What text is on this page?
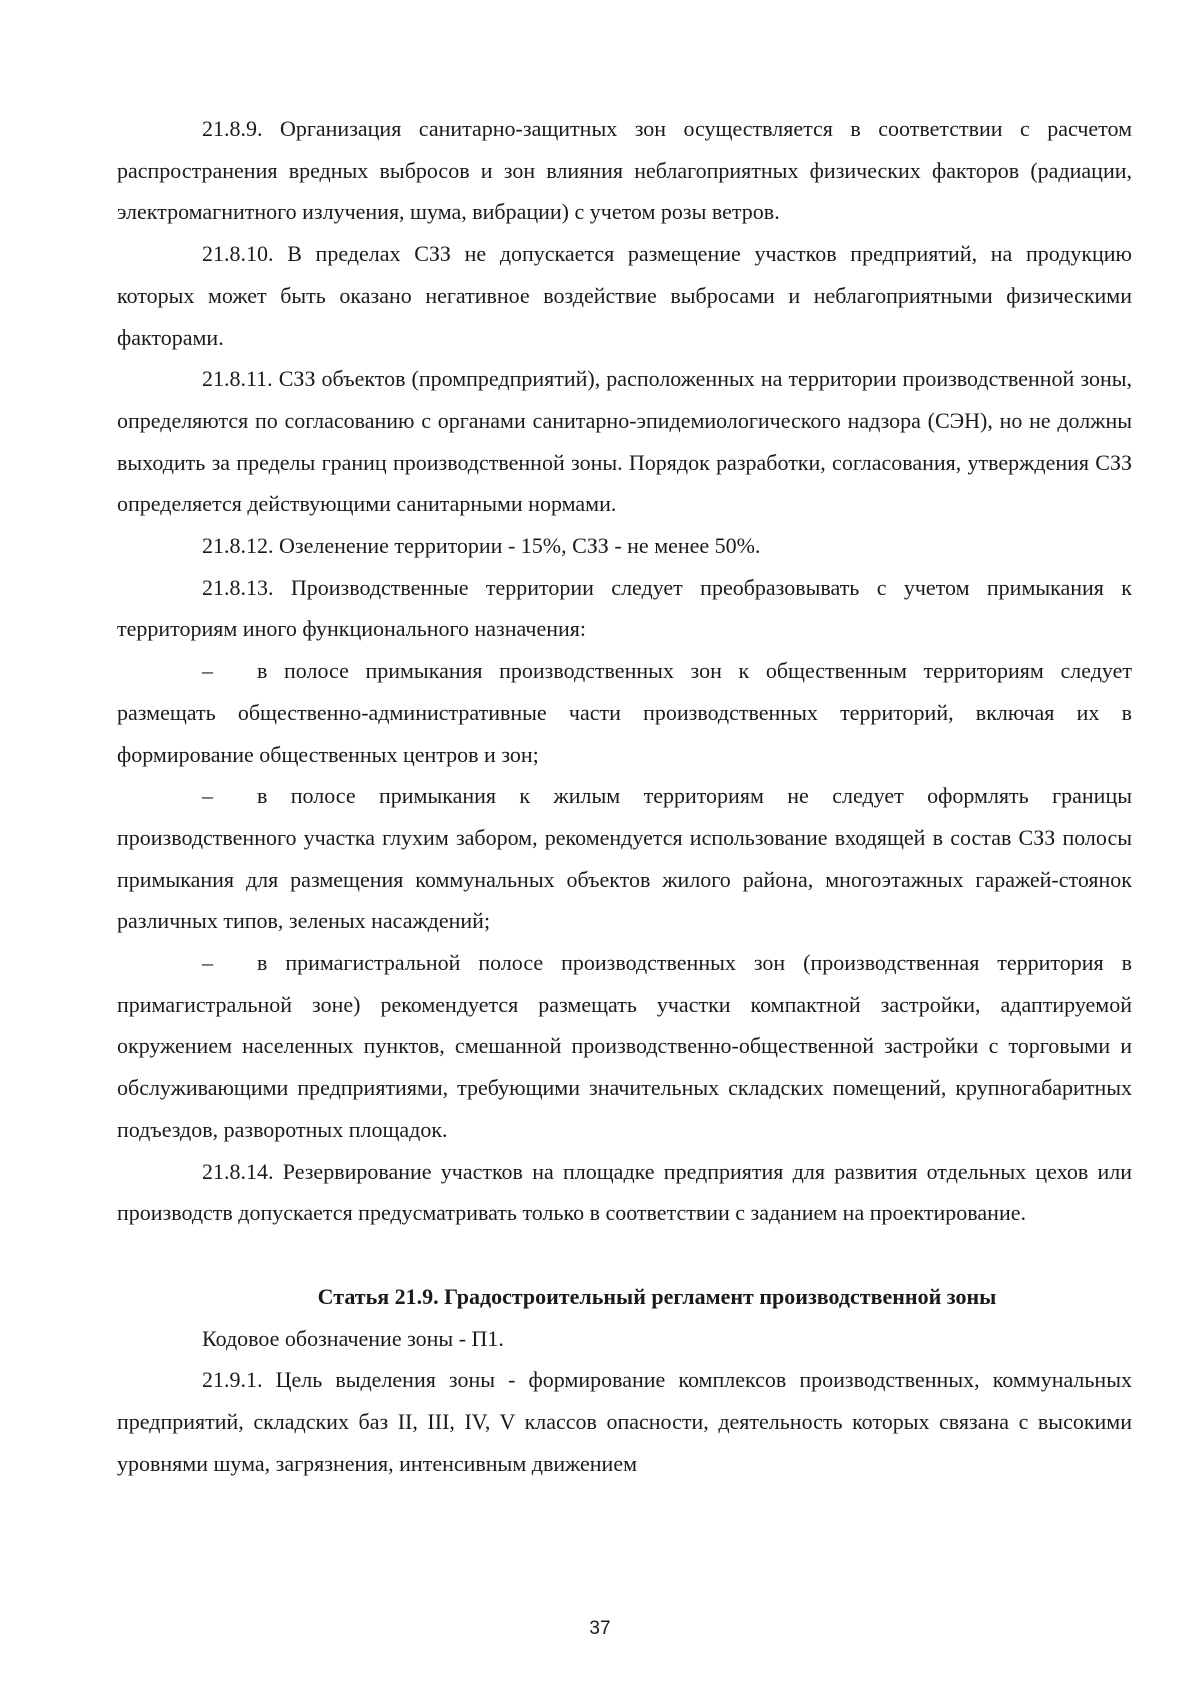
21.8.9. Организация санитарно-защитных зон осуществляется в соответствии с расчетом распространения вредных выбросов и зон влияния неблагоприятных физических факторов (радиации, электромагнитного излучения, шума, вибрации) с учетом розы ветров.

21.8.10. В пределах СЗЗ не допускается размещение участков предприятий, на продукцию которых может быть оказано негативное воздействие выбросами и неблагоприятными физическими факторами.

21.8.11. СЗЗ объектов (промпредприятий), расположенных на территории производственной зоны, определяются по согласованию с органами санитарно-эпидемиологического надзора (СЭН), но не должны выходить за пределы границ производственной зоны. Порядок разработки, согласования, утверждения СЗЗ определяется действующими санитарными нормами.

21.8.12. Озеленение территории - 15%, СЗЗ - не менее 50%.

21.8.13. Производственные территории следует преобразовывать с учетом примыкания к территориям иного функционального назначения:

– в полосе примыкания производственных зон к общественным территориям следует размещать общественно-административные части производственных территорий, включая их в формирование общественных центров и зон;

– в полосе примыкания к жилым территориям не следует оформлять границы производственного участка глухим забором, рекомендуется использование входящей в состав СЗЗ полосы примыкания для размещения коммунальных объектов жилого района, многоэтажных гаражей-стоянок различных типов, зеленых насаждений;

– в примагистральной полосе производственных зон (производственная территория в примагистральной зоне) рекомендуется размещать участки компактной застройки, адаптируемой окружением населенных пунктов, смешанной производственно-общественной застройки с торговыми и обслуживающими предприятиями, требующими значительных складских помещений, крупногабаритных подъездов, разворотных площадок.

21.8.14. Резервирование участков на площадке предприятия для развития отдельных цехов или производств допускается предусматривать только в соответствии с заданием на проектирование.

Статья 21.9. Градостроительный регламент производственной зоны

Кодовое обозначение зоны - П1.

21.9.1. Цель выделения зоны - формирование комплексов производственных, коммунальных предприятий, складских баз II, III, IV, V классов опасности, деятельность которых связана с высокими уровнями шума, загрязнения, интенсивным движением

37
